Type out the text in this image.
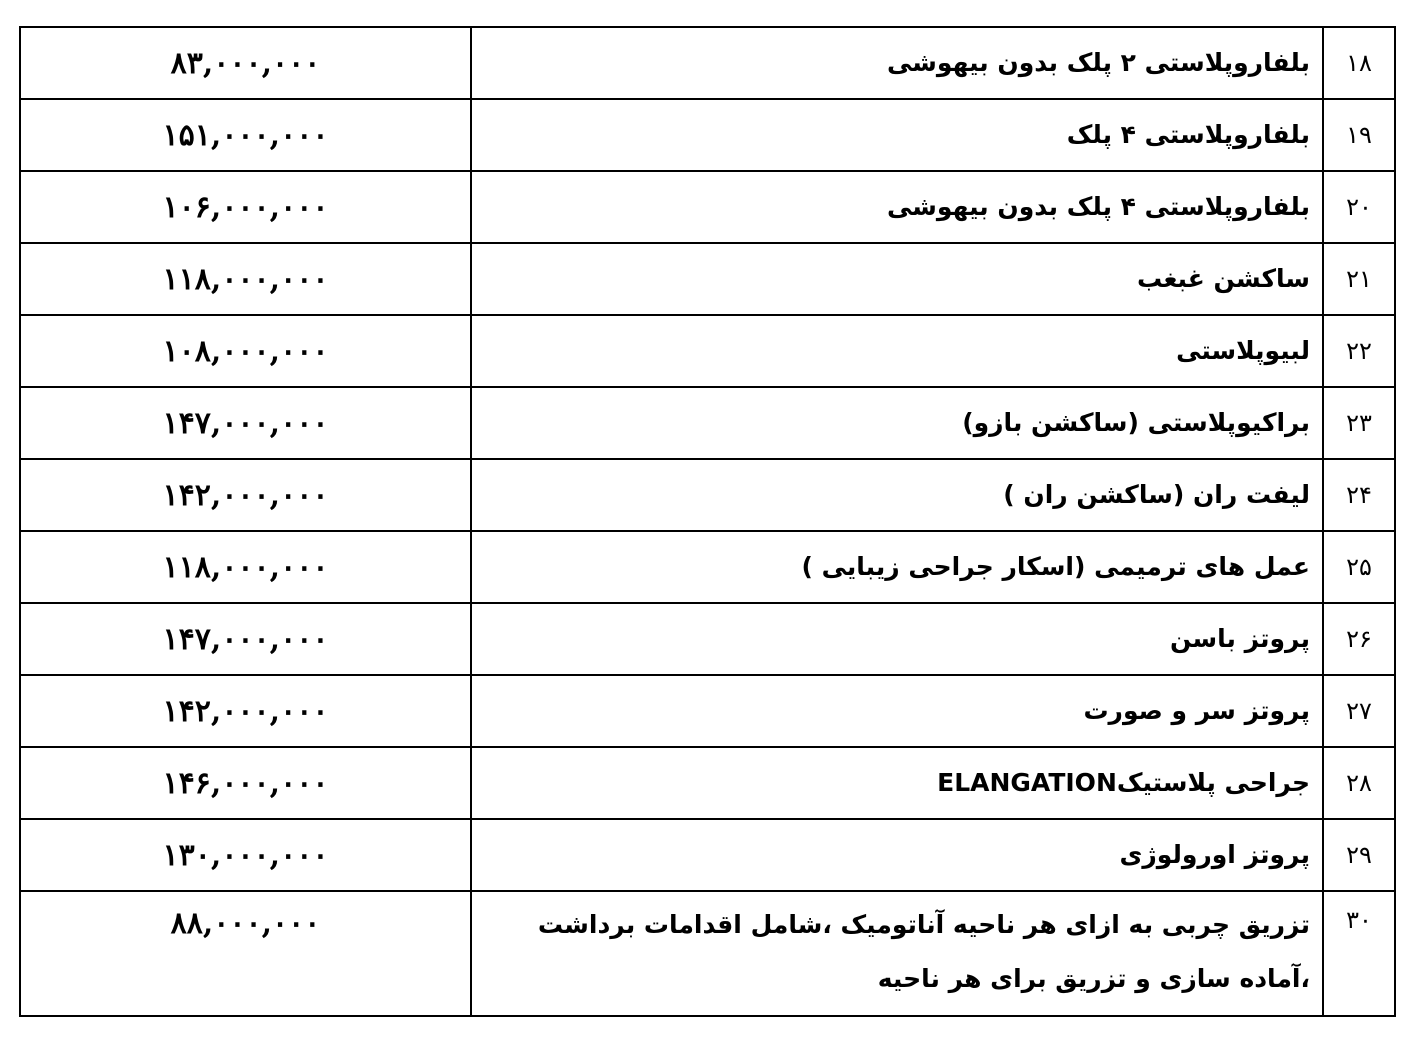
۸۳,۰۰۰,۰۰۰	بلفاروپلاستی ۲ پلک بدون بیهوشی	۱۸
۱۵۱,۰۰۰,۰۰۰	بلفاروپلاستی ۴ پلک	۱۹
۱۰۶,۰۰۰,۰۰۰	بلفاروپلاستی ۴ پلک بدون بیهوشی	۲۰
۱۱۸,۰۰۰,۰۰۰	ساکشن غبغب	۲۱
۱۰۸,۰۰۰,۰۰۰	لبیوپلاستی	۲۲
۱۴۷,۰۰۰,۰۰۰	براکیوپلاستی (ساکشن بازو)	۲۳
۱۴۲,۰۰۰,۰۰۰	لیفت ران (ساکشن ران )	۲۴
۱۱۸,۰۰۰,۰۰۰	عمل های ترمیمی (اسکار جراحی زیبایی )	۲۵
۱۴۷,۰۰۰,۰۰۰	پروتز باسن	۲۶
۱۴۲,۰۰۰,۰۰۰	پروتز سر و صورت	۲۷
۱۴۶,۰۰۰,۰۰۰	جراحی پلاستیکELANGATION	۲۸
۱۳۰,۰۰۰,۰۰۰	پروتز اورولوژی	۲۹
۸۸,۰۰۰,۰۰۰	تزریق چربی به ازای هر ناحیه آناتومیک ،شامل اقدامات برداشت ،آماده سازی و تزریق برای هر ناحیه	۳۰
